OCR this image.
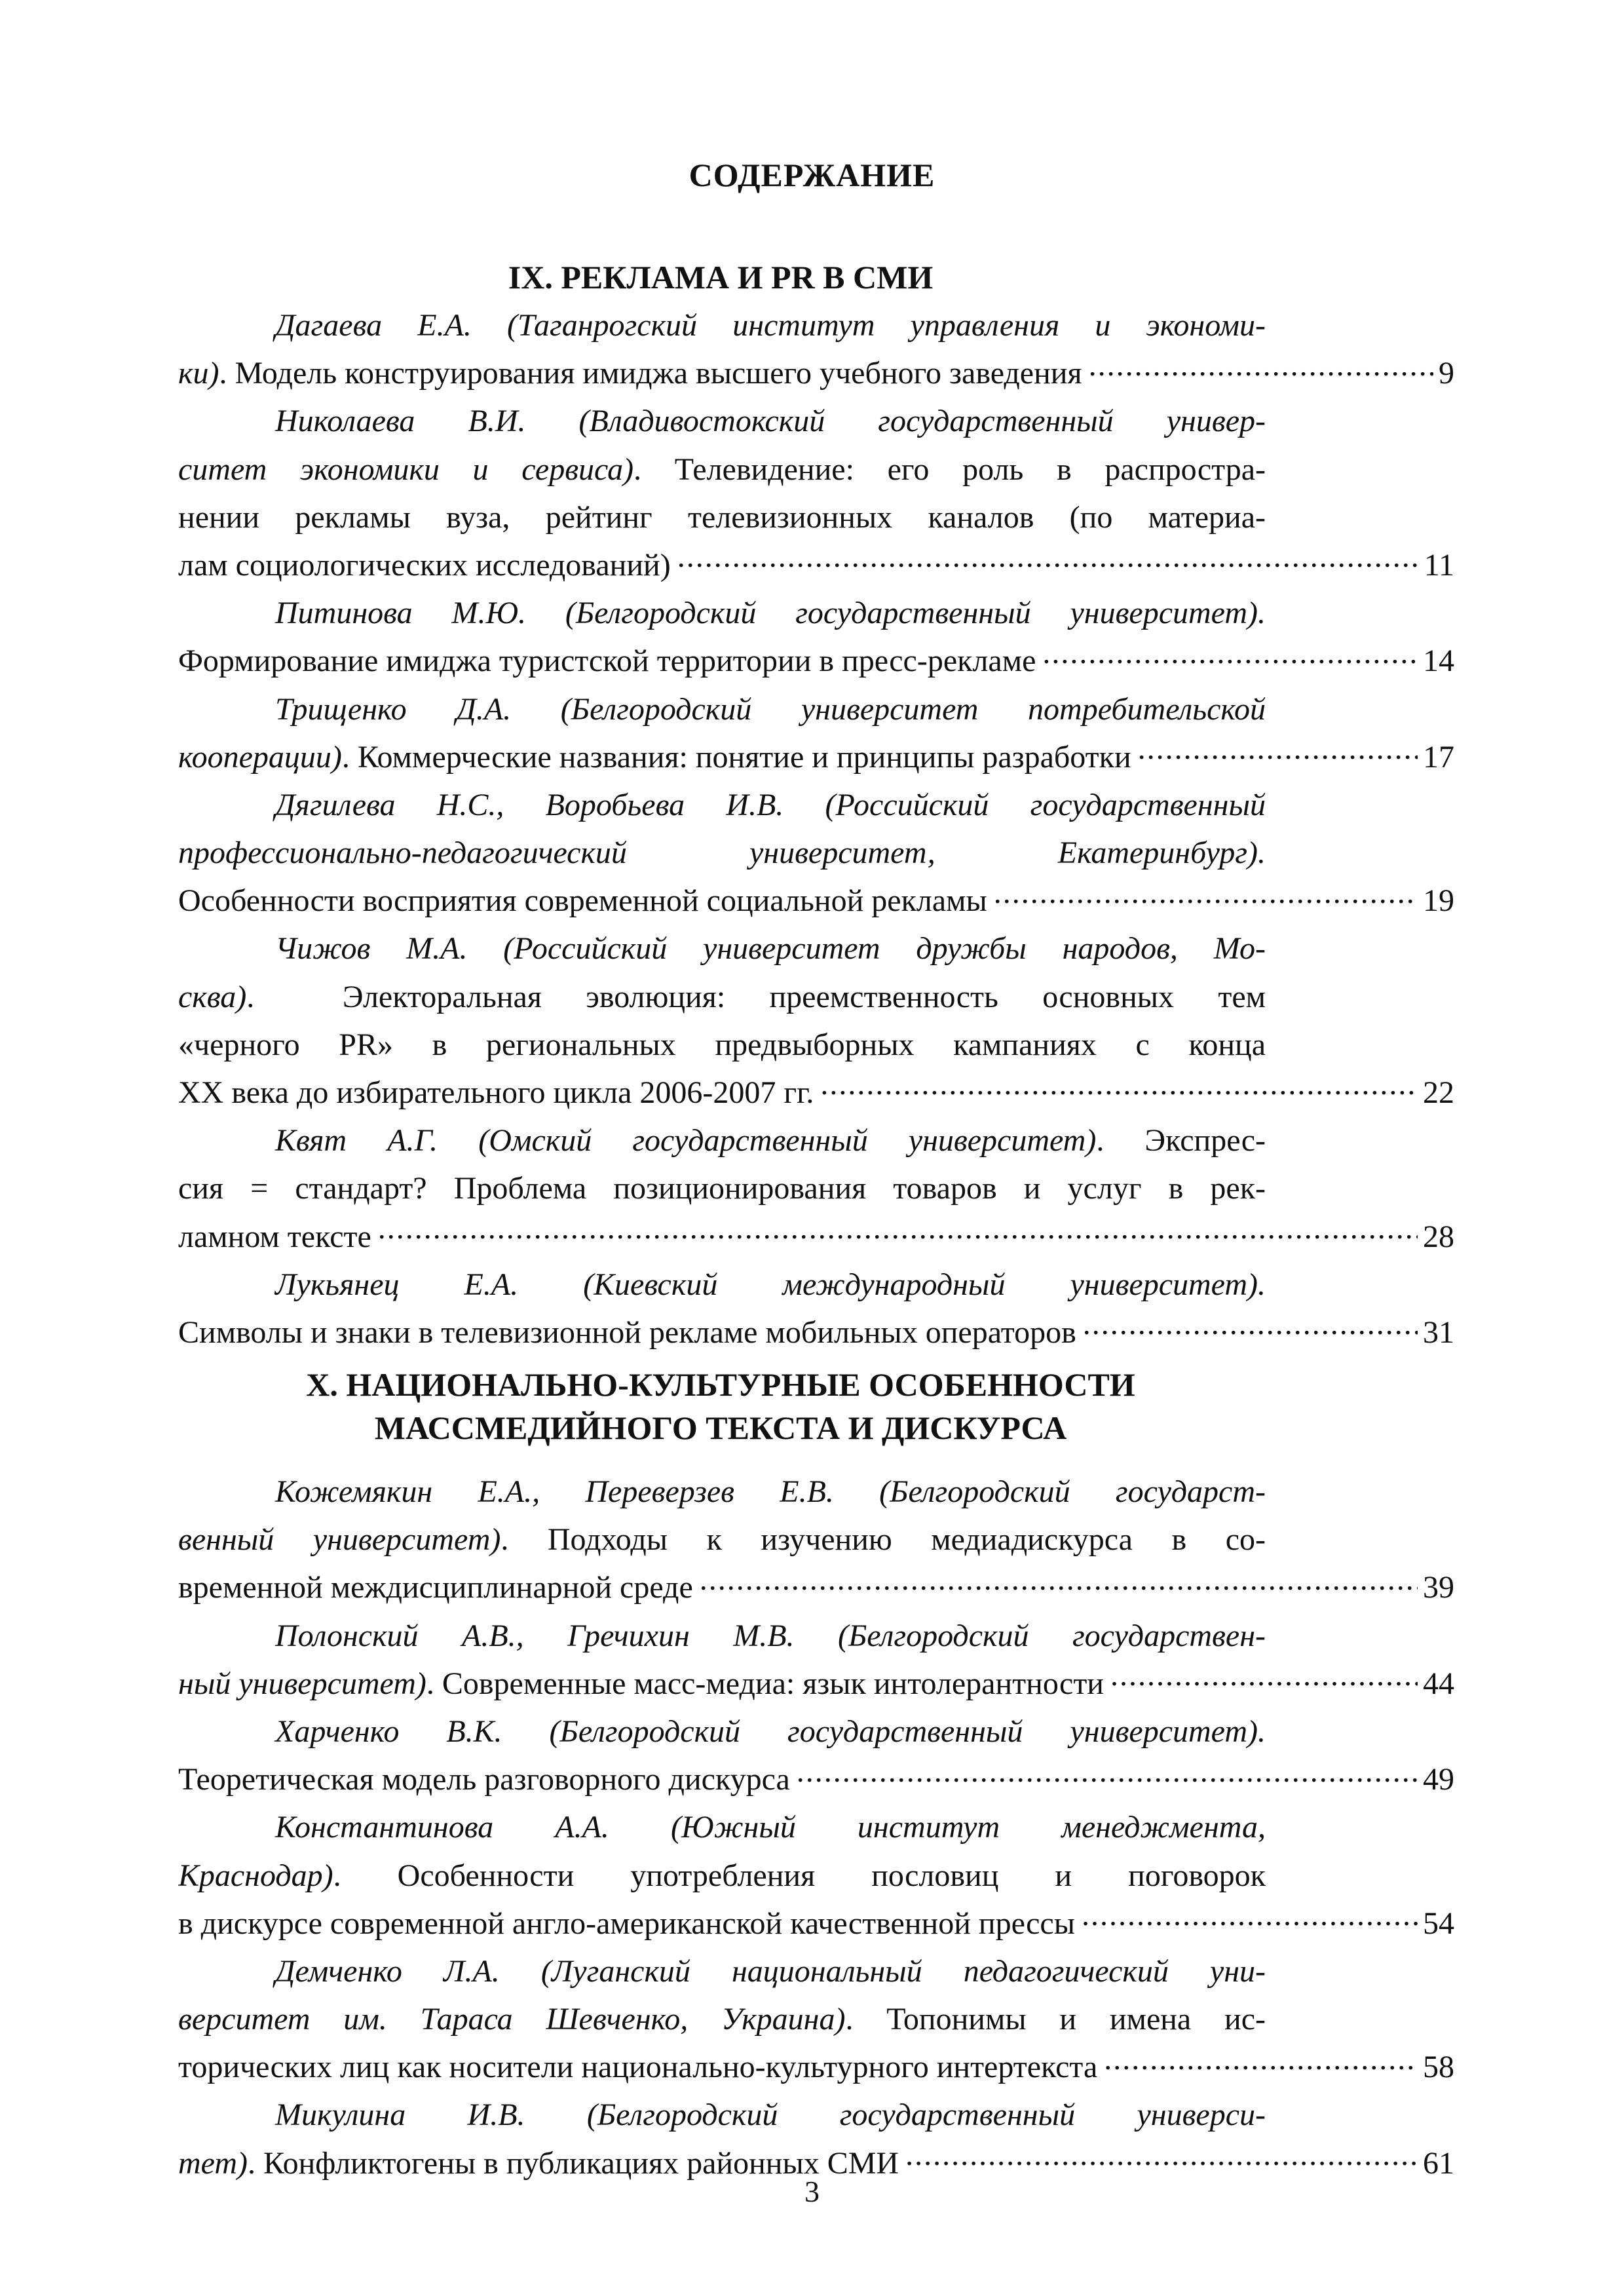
СОДЕРЖАНИЕ
IX. РЕКЛАМА И PR В СМИ
Дагаева Е.А. (Таганрогский институт управления и экономи-
ки). Модель конструирования имиджа высшего учебного заведения .....	9
Николаева В.И. (Владивостокский государственный универ-
ситет экономики и сервиса). Телевидение: его роль в распростра-
нении рекламы вуза, рейтинг телевизионных каналов (по материа-
лам социологических исследований) .....	11
Питинова М.Ю. (Белгородский государственный университет).
Формирование имиджа туристской территории в пресс-рекламе .....	14
Трищенко Д.А. (Белгородский университет потребительской
кооперации). Коммерческие названия: понятие и принципы разработки .....	17
Дягилева Н.С., Воробьева И.В. (Российский государственный
профессионально-педагогический университет, Екатеринбург).
Особенности восприятия современной социальной рекламы .....	19
Чижов М.А. (Российский университет дружбы народов, Мо-
сква).  Электоральная эволюция: преемственность основных тем
«черного PR» в региональных предвыборных кампаниях с конца
XX века до избирательного цикла 2006-2007 гг. .....	22
Квят А.Г. (Омский государственный университет). Экспрес-
сия = стандарт? Проблема позиционирования товаров и услуг в рек-
ламном тексте .....	28
Лукьянец Е.А. (Киевский международный университет).
Символы и знаки в телевизионной рекламе мобильных операторов .....	31
X. НАЦИОНАЛЬНО-КУЛЬТУРНЫЕ ОСОБЕННОСТИ
МАССМЕДИЙНОГО ТЕКСТА И ДИСКУРСА
Кожемякин Е.А., Переверзев Е.В. (Белгородский государст-
венный университет). Подходы к изучению медиадискурса в со-
временной междисциплинарной среде .....	39
Полонский А.В., Гречихин М.В. (Белгородский государствен-
ный университет). Современные масс-медиа: язык интолерантности .....	44
Харченко В.К. (Белгородский государственный университет).
Теоретическая модель разговорного дискурса .....	49
Константинова А.А. (Южный институт менеджмента,
Краснодар). Особенности употребления пословиц и поговорок
в дискурсе современной англо-американской качественной прессы .....	54
Демченко Л.А. (Луганский национальный педагогический уни-
верситет им. Тараса Шевченко, Украина). Топонимы и имена ис-
торических лиц как носители национально-культурного интертекста .....	58
Микулина И.В. (Белгородский государственный универси-
тет). Конфликтогены в публикациях районных СМИ .....	61
3
